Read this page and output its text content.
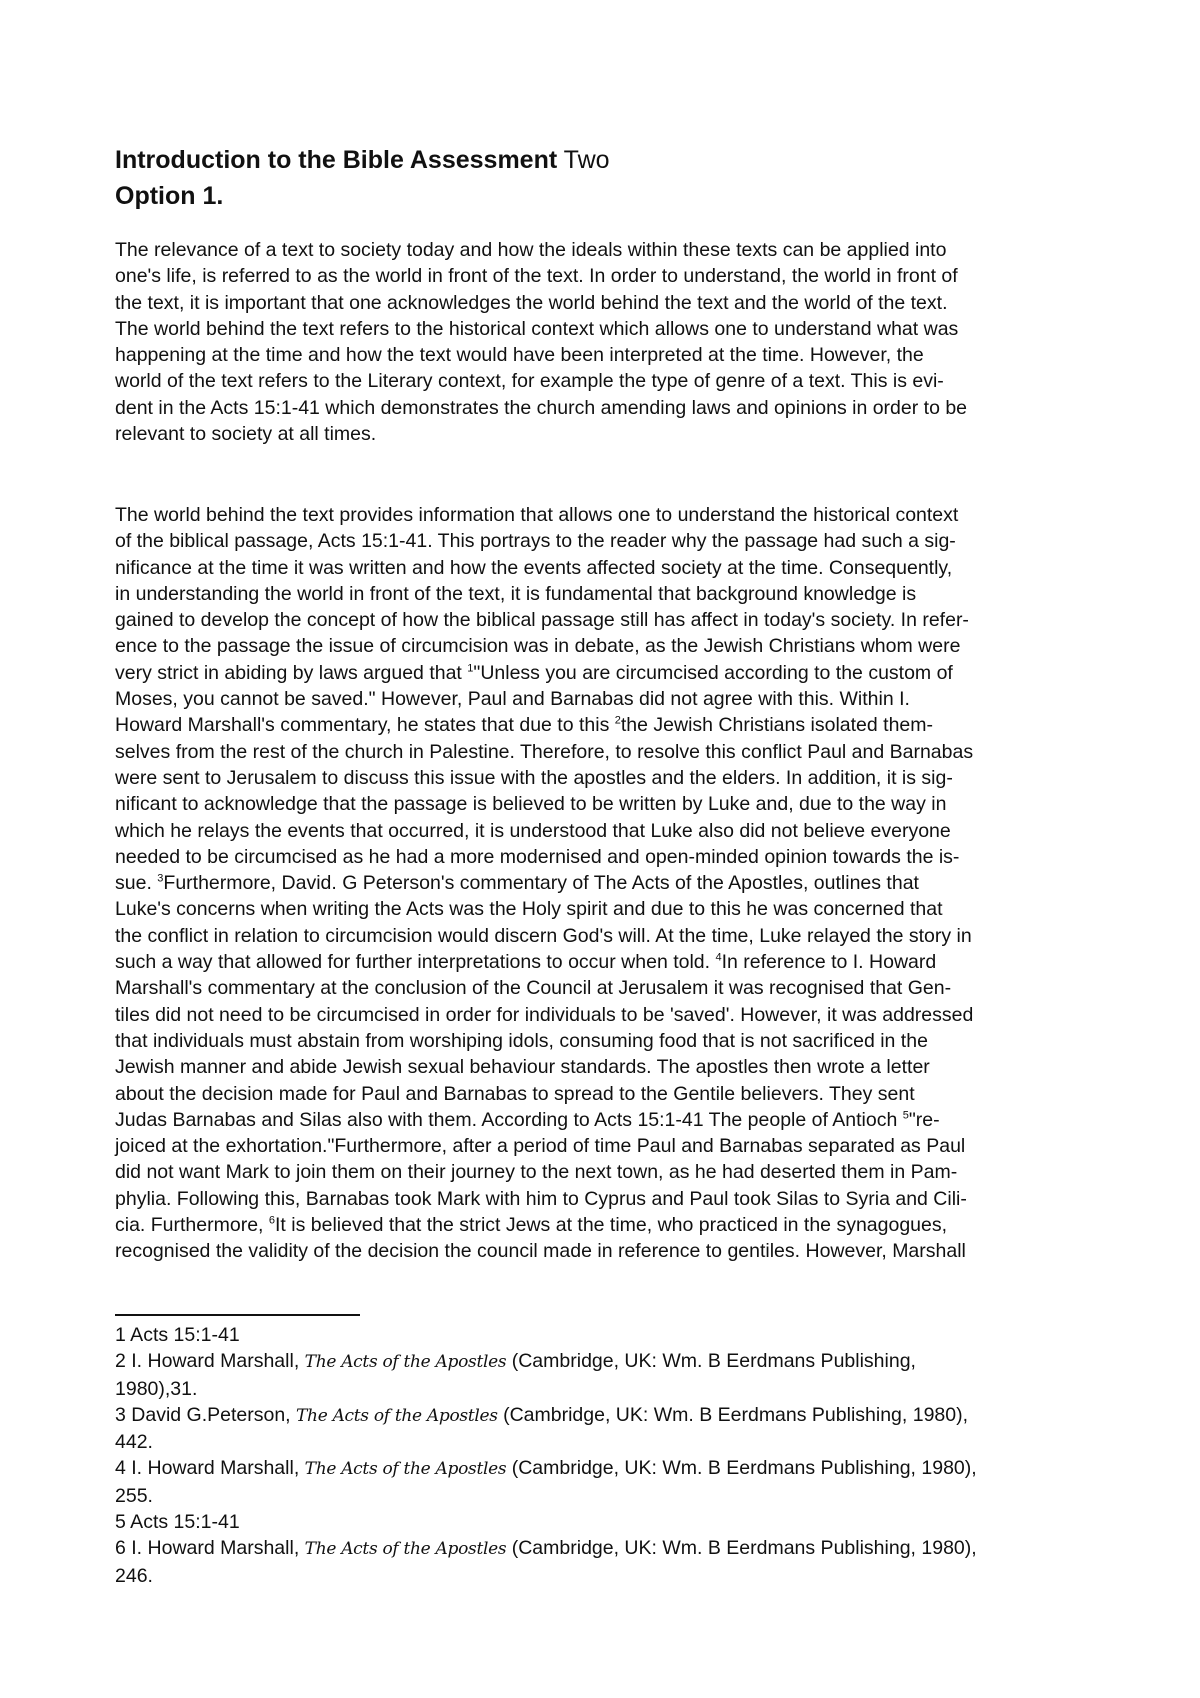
Introduction to the Bible Assessment Two
Option 1.
The relevance of a text to society today and how the ideals within these texts can be applied into
one's life, is referred to as the world in front of the text. In order to understand, the world in front of
the text, it is important that one acknowledges the world behind the text and the world of the text.
The world behind the text refers to the historical context which allows one to understand what was
happening at the time and how the text would have been interpreted at the time. However, the
world of the text refers to the Literary context, for example the type of genre of a text. This is evi-
dent in the Acts 15:1-41 which demonstrates the church amending laws and opinions in order to be
relevant to society at all times.
The world behind the text provides information that allows one to understand the historical context
of the biblical passage, Acts 15:1-41. This portrays to the reader why the passage had such a sig-
nificance at the time it was written and how the events affected society at the time. Consequently,
in understanding the world in front of the text, it is fundamental that background knowledge is
gained to develop the concept of how the biblical passage still has affect in today's society. In refer-
ence to the passage the issue of circumcision was in debate, as the Jewish Christians whom were
very strict in abiding by laws argued that $^1$"Unless you are circumcised according to the custom of
Moses, you cannot be saved." However, Paul and Barnabas did not agree with this. Within I.
Howard Marshall's commentary, he states that due to this $^2$the Jewish Christians isolated them-
selves from the rest of the church in Palestine. Therefore, to resolve this conflict Paul and Barnabas
were sent to Jerusalem to discuss this issue with the apostles and the elders. In addition, it is sig-
nificant to acknowledge that the passage is believed to be written by Luke and, due to the way in
which he relays the events that occurred, it is understood that Luke also did not believe everyone
needed to be circumcised as he had a more modernised and open-minded opinion towards the is-
sue. $^3$Furthermore, David. G Peterson's commentary of The Acts of the Apostles, outlines that
Luke's concerns when writing the Acts was the Holy spirit and due to this he was concerned that
the conflict in relation to circumcision would discern God's will. At the time, Luke relayed the story in
such a way that allowed for further interpretations to occur when told. $^4$In reference to I. Howard
Marshall's commentary at the conclusion of the Council at Jerusalem it was recognised that Gen-
tiles did not need to be circumcised in order for individuals to be 'saved'. However, it was addressed
that individuals must abstain from worshiping idols, consuming food that is not sacrificed in the
Jewish manner and abide Jewish sexual behaviour standards. The apostles then wrote a letter
about the decision made for Paul and Barnabas to spread to the Gentile believers. They sent
Judas Barnabas and Silas also with them. According to Acts 15:1-41 The people of Antioch $^5$"re-
joiced at the exhortation."Furthermore, after a period of time Paul and Barnabas separated as Paul
did not want Mark to join them on their journey to the next town, as he had deserted them in Pam-
phylia. Following this, Barnabas took Mark with him to Cyprus and Paul took Silas to Syria and Cili-
cia. Furthermore, $^6$It is believed that the strict Jews at the time, who practiced in the synagogues,
recognised the validity of the decision the council made in reference to gentiles. However, Marshall
1 Acts 15:1-41
2 I. Howard Marshall, The Acts of the Apostles (Cambridge, UK: Wm. B Eerdmans Publishing,
1980),31.
3 David G.Peterson, The Acts of the Apostles (Cambridge, UK: Wm. B Eerdmans Publishing, 1980),
442.
4 I. Howard Marshall, The Acts of the Apostles (Cambridge, UK: Wm. B Eerdmans Publishing, 1980),
255.
5 Acts 15:1-41
6 I. Howard Marshall, The Acts of the Apostles (Cambridge, UK: Wm. B Eerdmans Publishing, 1980),
246.
